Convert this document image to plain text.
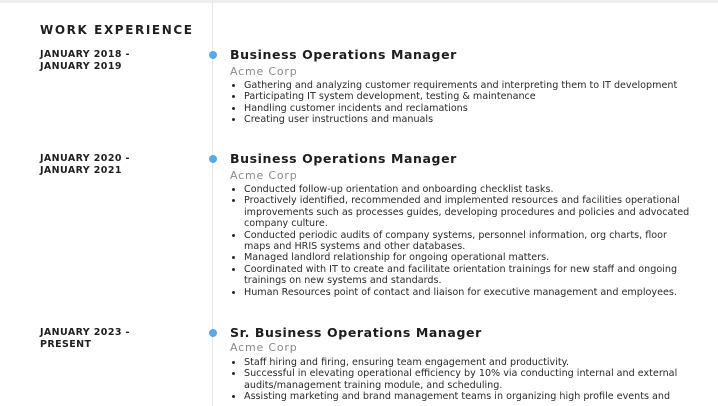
WORK EXPERIENCE
JANUARY 2018 -
JANUARY 2019
Business Operations Manager
Acme Corp
• Gathering and analyzing customer requirements and interpreting them to IT development
• Participating IT system development, testing & maintenance
• Handling customer incidents and reclamations
• Creating user instructions and manuals
JANUARY 2020 -
JANUARY 2021
Business Operations Manager
Acme Corp
• Conducted follow-up orientation and onboarding checklist tasks.
• Proactively identified, recommended and implemented resources and facilities operational improvements such as processes guides, developing procedures and policies and advocated company culture.
• Conducted periodic audits of company systems, personnel information, org charts, floor maps and HRIS systems and other databases.
• Managed landlord relationship for ongoing operational matters.
• Coordinated with IT to create and facilitate orientation trainings for new staff and ongoing trainings on new systems and standards.
• Human Resources point of contact and liaison for executive management and employees.
JANUARY 2023 -
PRESENT
Sr. Business Operations Manager
Acme Corp
• Staff hiring and firing, ensuring team engagement and productivity.
• Successful in elevating operational efficiency by 10% via conducting internal and external audits/management training module, and scheduling.
• Assisting marketing and brand management teams in organizing high profile events and
